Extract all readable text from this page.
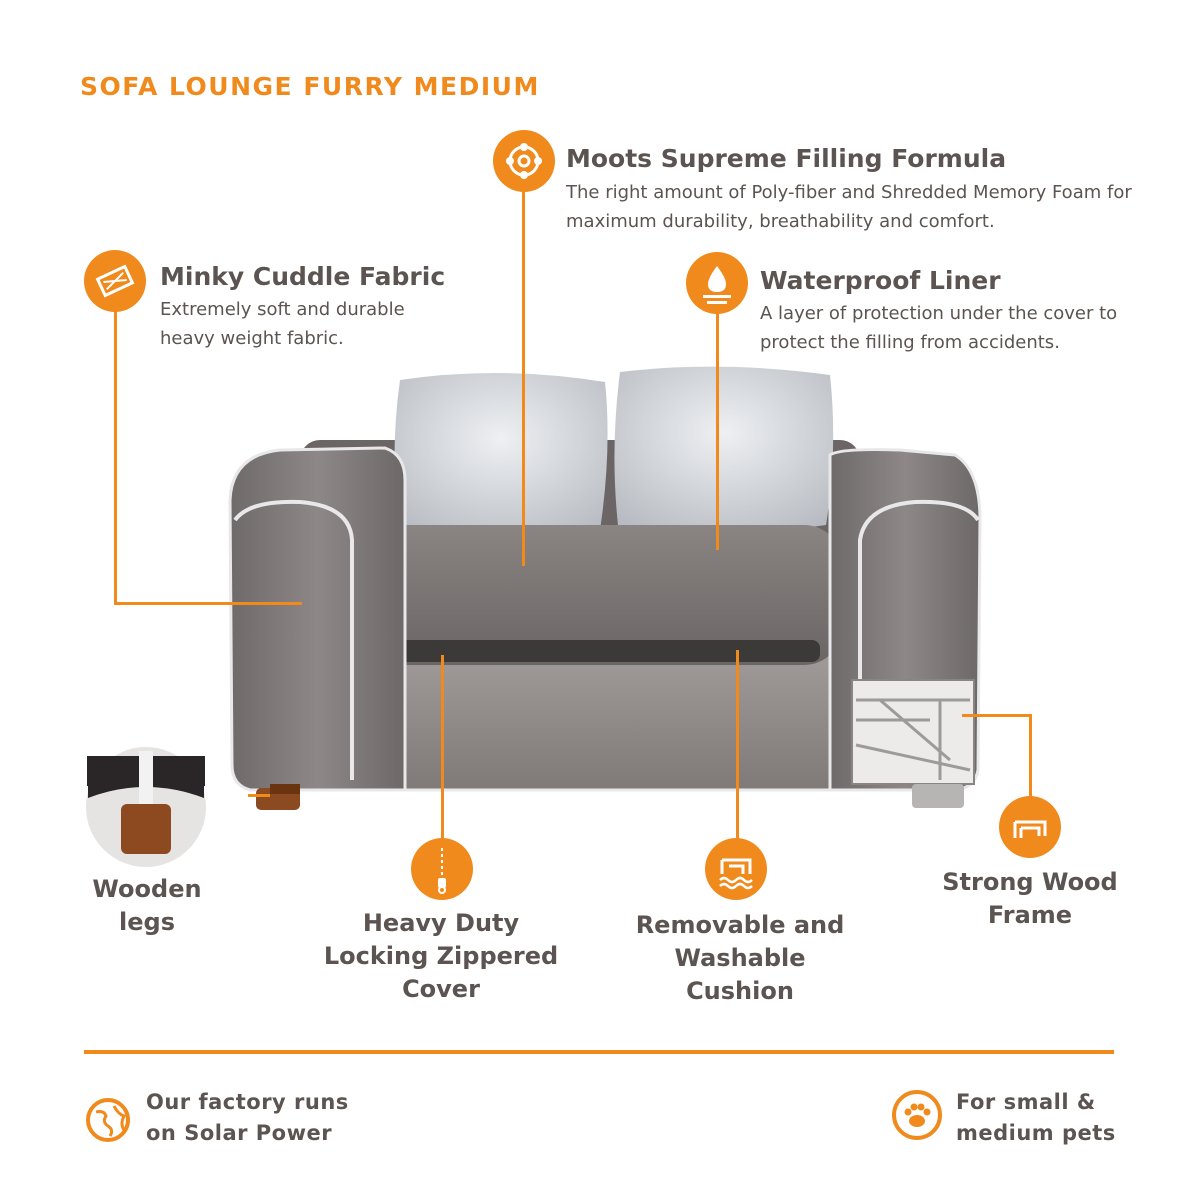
SOFA LOUNGE FURRY MEDIUM
Moots Supreme Filling Formula
The right amount of Poly-fiber and Shredded Memory Foam for maximum durability, breathability and comfort.
Minky Cuddle Fabric
Extremely soft and durable heavy weight fabric.
Waterproof Liner
A layer of protection under the cover to protect the filling from accidents.
Wooden legs	Heavy Duty Locking Zippered Cover
Removable and Washable Cushion
Strong Wood Frame
Our factory runs on Solar Power
For small & medium pets
